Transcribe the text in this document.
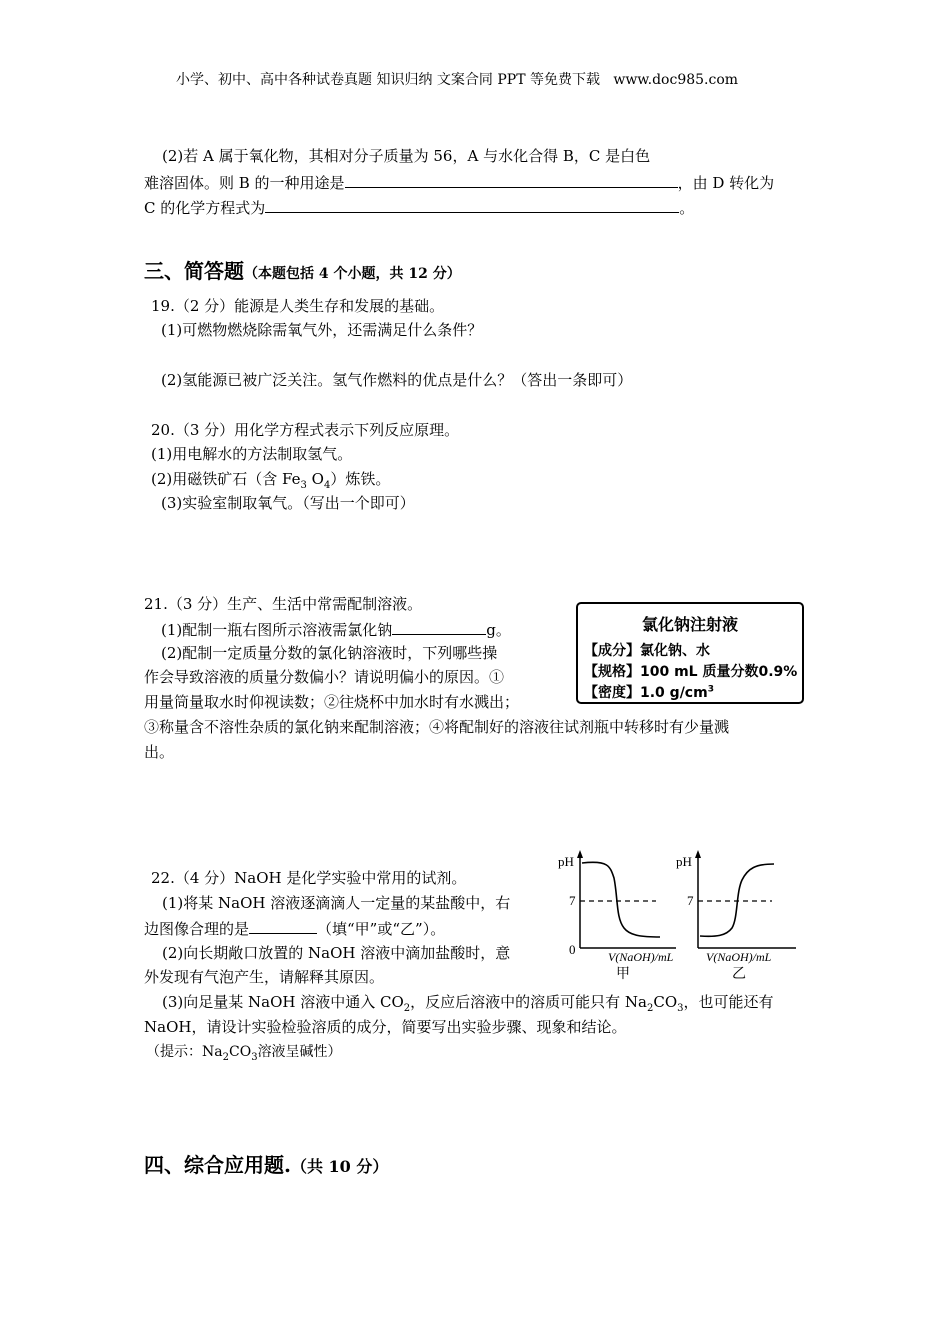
小学、初中、高中各种试卷真题 知识归纳 文案合同 PPT 等免费下载 www.doc985.com
(2)若 A 属于氧化物，其相对分子质量为 56，A 与水化合得 B，C 是白色
难溶固体。则 B 的一种用途是	，由 D 转化为
C 的化学方程式为	。
三、简答题（本题包括 4 个小题，共 12 分）
19.（2 分）能源是人类生存和发展的基础。
(1)可燃物燃烧除需氧气外，还需满足什么条件？
(2)氢能源已被广泛关注。氢气作燃料的优点是什么？（答出一条即可）
20.（3 分）用化学方程式表示下列反应原理。
(1)用电解水的方法制取氢气。
(2)用磁铁矿石（含 $Fe_3$ $O_4$）炼铁。
(3)实验室制取氧气。（写出一个即可）
21.（3 分）生产、生活中常需配制溶液。
(1)配制一瓶右图所示溶液需氯化钠	g。
(2)配制一定质量分数的氯化钠溶液时，下列哪些操
作会导致溶液的质量分数偏小？请说明偏小的原因。①
用量筒量取水时仰视读数；②往烧杯中加水时有水溅出；
③称量含不溶性杂质的氯化钠来配制溶液；④将配制好的溶液往试剂瓶中转移时有少量溅
出。
氯化钠注射液
【成分】氯化钠、水
【规格】100 mL 质量分数0.9%
【密度】1.0 $g/cm^3$
22.（4 分）NaOH 是化学实验中常用的试剂。
(1)将某 NaOH 溶液逐滴滴人一定量的某盐酸中，右
边图像合理的是	（填“甲”或“乙”）。
(2)向长期敞口放置的 NaOH 溶液中滴加盐酸时，意
外发现有气泡产生，请解释其原因。
(3)向足量某 NaOH 溶液中通入 $CO_2$，反应后溶液中的溶质可能只有 $Na_2CO_3$，也可能还有
NaOH，请设计实验检验溶质的成分，简要写出实验步骤、现象和结论。
（提示：$Na_2CO_3$溶液呈碱性）
pH
7
0	V(NaOH)/mL
甲
pH
7
V(NaOH)/mL
乙
四、综合应用题.（共 10 分）
